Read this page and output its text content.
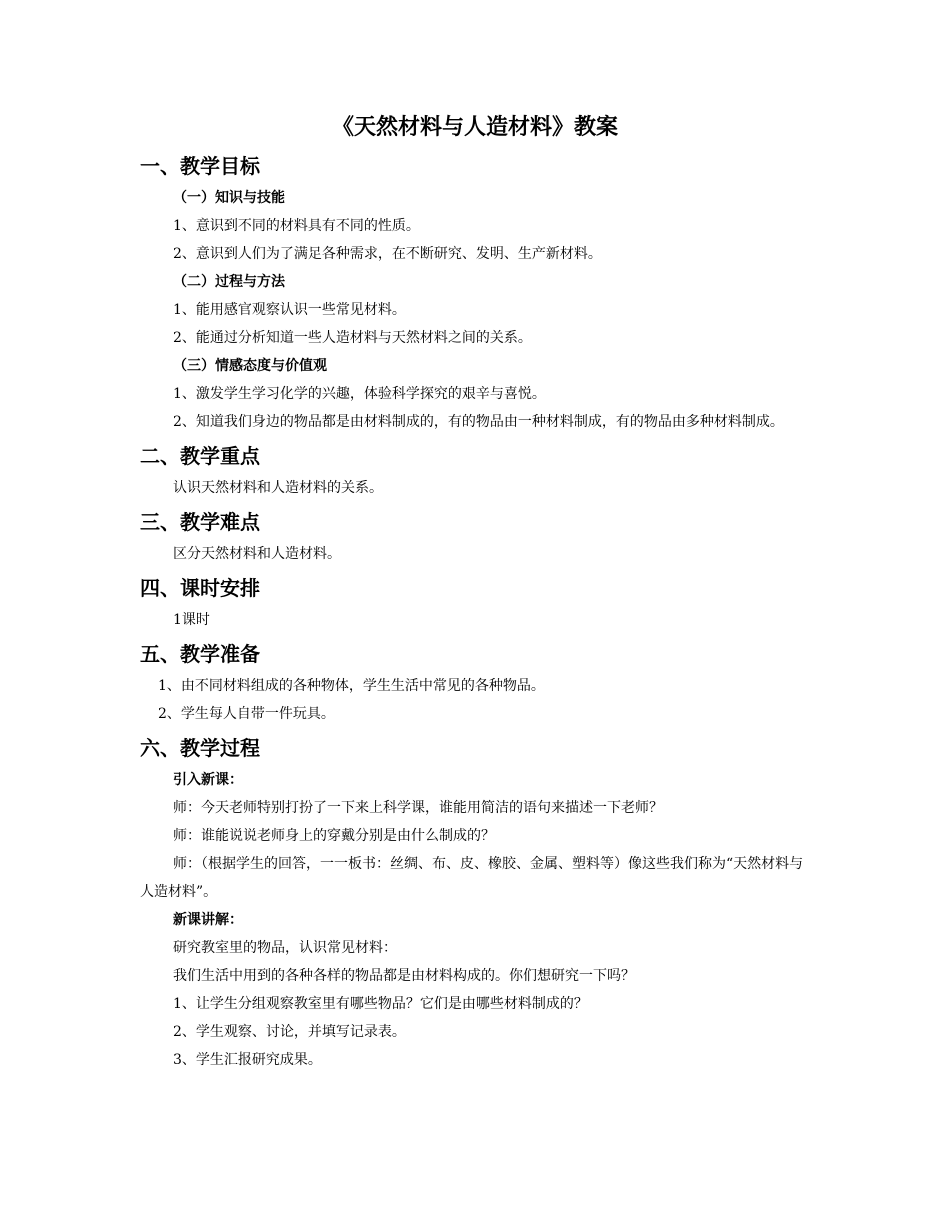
《天然材料与人造材料》教案
一、教学目标
（一）知识与技能

1、意识到不同的材料具有不同的性质。

2、意识到人们为了满足各种需求，在不断研究、发明、生产新材料。

（二）过程与方法

1、能用感官观察认识一些常见材料。

2、能通过分析知道一些人造材料与天然材料之间的关系。

（三）情感态度与价值观

1、激发学生学习化学的兴趣，体验科学探究的艰辛与喜悦。

2、知道我们身边的物品都是由材料制成的，有的物品由一种材料制成，有的物品由多种材料制成。

二、教学重点

认识天然材料和人造材料的关系。

三、教学难点

区分天然材料和人造材料。

四、课时安排

1课时

五、教学准备

1、由不同材料组成的各种物体，学生生活中常见的各种物品。

2、学生每人自带一件玩具。

六、教学过程
引入新课：

师：今天老师特别打扮了一下来上科学课，谁能用简洁的语句来描述一下老师？

师：谁能说说老师身上的穿戴分别是由什么制成的？

师：（根据学生的回答，一一板书：丝绸、布、皮、橡胶、金属、塑料等）像这些我们称为“天然材料与人造材料”。

新课讲解：

研究教室里的物品，认识常见材料：

我们生活中用到的各种各样的物品都是由材料构成的。你们想研究一下吗？

1、让学生分组观察教室里有哪些物品？它们是由哪些材料制成的？

2、学生观察、讨论，并填写记录表。

3、学生汇报研究成果。
